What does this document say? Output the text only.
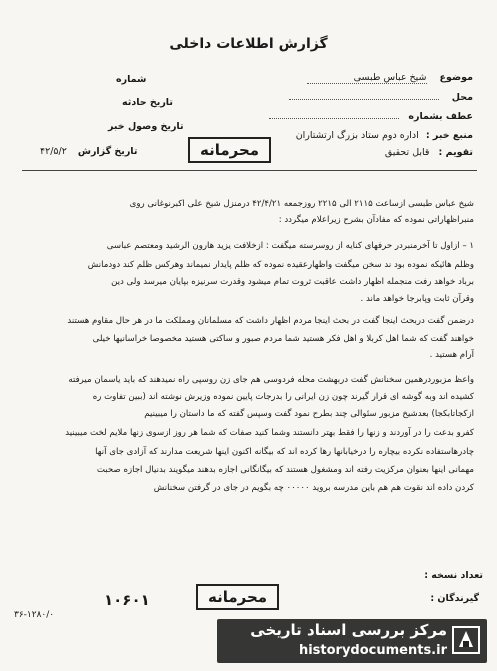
گزارش اطلاعات داخلی
موضوع شیخ عباس طبسی
محل
عطف بشماره
منبع خبر : اداره دوم ستاد بزرگ ارتشتاران
تقویم : قابل تحقیق
شماره
تاریخ حادثه
تاریخ وصول خبر
تاریخ گزارش ۴۲/۵/۲	محرمانه
شیخ عباس طبسی ازساعت ۲۱۱۵ الی ۲۲۱۵ روزجمعه ۴۲/۴/۲۱ درمنزل شیخ علی اکبرنوغانی روی
منبراظهاراتی نموده که مفادآن بشرح زیراعلام میگردد :
۱ – ازاول تا آخرمنبردر حرفهای کنایه از روسرسته میگفت : ازخلافت یزید هارون الرشید ومعتصم عباسی
وظلم هائیکه نموده بود ند سخن میگفت واظهارعقیده نموده که ظلم پایدار نمیماند وهرکس ظلم کند دودمانش
برباد خواهد رفت منجمله اظهار داشت عاقبت ثروت تمام میشود وقدرت سرنیزه بپایان میرسد ولی دین
وقرآن ثابت وپابرجا خواهد ماند .
درضمن گفت دربحث اینجا گفت در بحث اینجا مردم اظهار داشت که مسلمانان ومملکت ما در هر حال مقاوم هستند
خواهند گفت که شما اهل کربلا و اهل فکر هستید شما مردم صبور و ساکتی هستید مخصوصا خراسانیها خیلی
آرام هستید .
واعظ مزبوردرهمین سخنانش گفت دربهشت محله فردوسی هم جای زن روسپی راه نمیدهند که باید یاسمان میرفته
کشیده اند وبه گوشه ای قرار گیرند چون زن ایرانی را بدرجات پایین نموده وزیرش نوشته اند (ببین تفاوت ره
ازکجاتابکجا) بعدشیخ مزبور سئوالی چند بطرح نمود گفت وسپس گفته که ما داستان را میبینیم
کفرو بدعت را در آوردند و زنها را فقط بهتر دانستند وشما کنید صفات که شما هر روز ازسوی زنها ملایم لخت میبینید
چادرهاستفاده نکرده بیچاره را درخیابانها رها کرده اند که بیگانه اکنون اینها شریعت مدارند که آزادی جای آنها
مهمانی اینها بعنوان مرکزیت رفته اند ومشغول هستند که بیگانگانی اجازه بدهند میگویند بدنیال اجازه صحبت
کردن داده اند نقوت هم هم باین مدرسه بروید ۰۰۰۰۰ چه بگویم در جای در گرفتن سخنانش
تعداد نسخه :
گیرندگان :
۱۰۶۰۱
۳۶-۱۲۸۰/۰
محرمانه
مرکز بررسی اسناد تاریخی
historydocuments.ir
